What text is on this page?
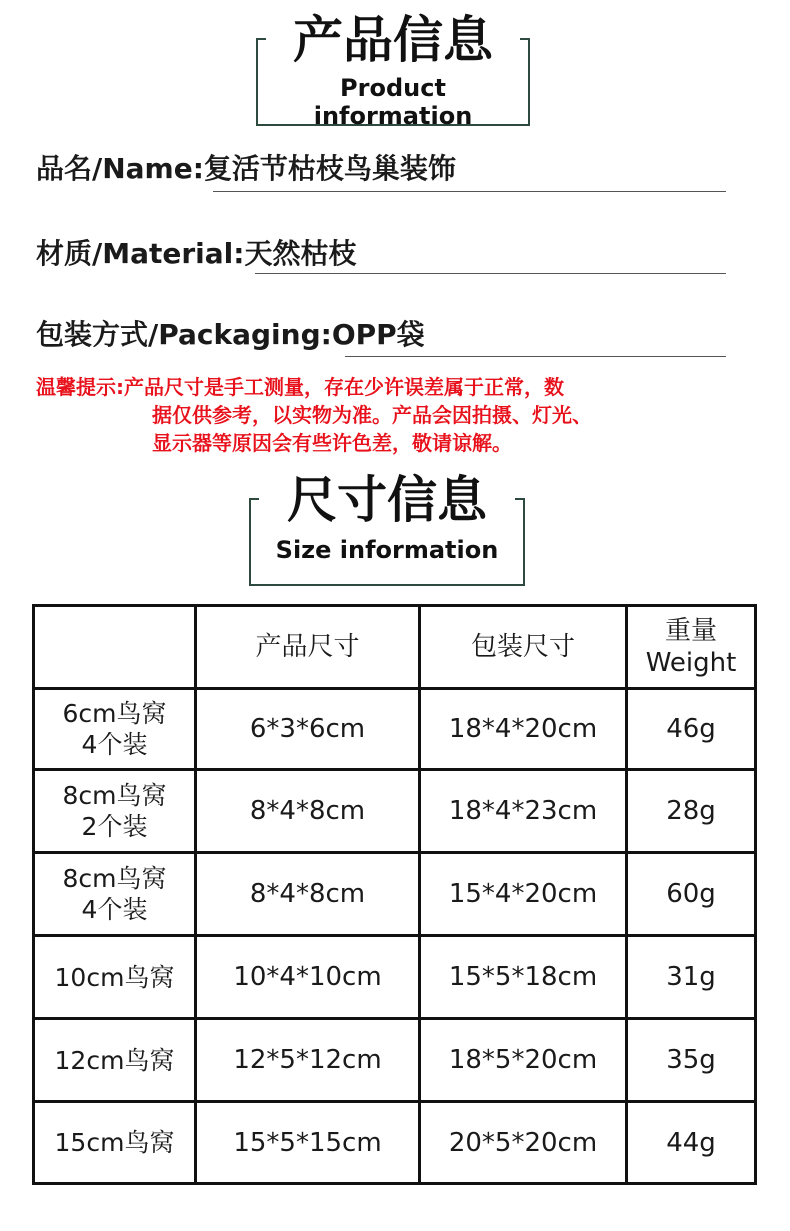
产品信息
Product information
品名/Name:复活节枯枝鸟巢装饰
材质/Material:天然枯枝
包装方式/Packaging:OPP袋
温馨提示: 产品尺寸是手工测量，存在少许误差属于正常，数
据仅供参考，以实物为准。产品会因拍摄、灯光、
显示器等原因会有些许色差，敬请谅解。
尺寸信息
Size information
	产品尺寸	包装尺寸	重量
Weight
6cm鸟窝
4个装	6*3*6cm	18*4*20cm	46g
8cm鸟窝
2个装	8*4*8cm	18*4*23cm	28g
8cm鸟窝
4个装	8*4*8cm	15*4*20cm	60g
10cm鸟窝	10*4*10cm	15*5*18cm	31g
12cm鸟窝	12*5*12cm	18*5*20cm	35g
15cm鸟窝	15*5*15cm	20*5*20cm	44g
